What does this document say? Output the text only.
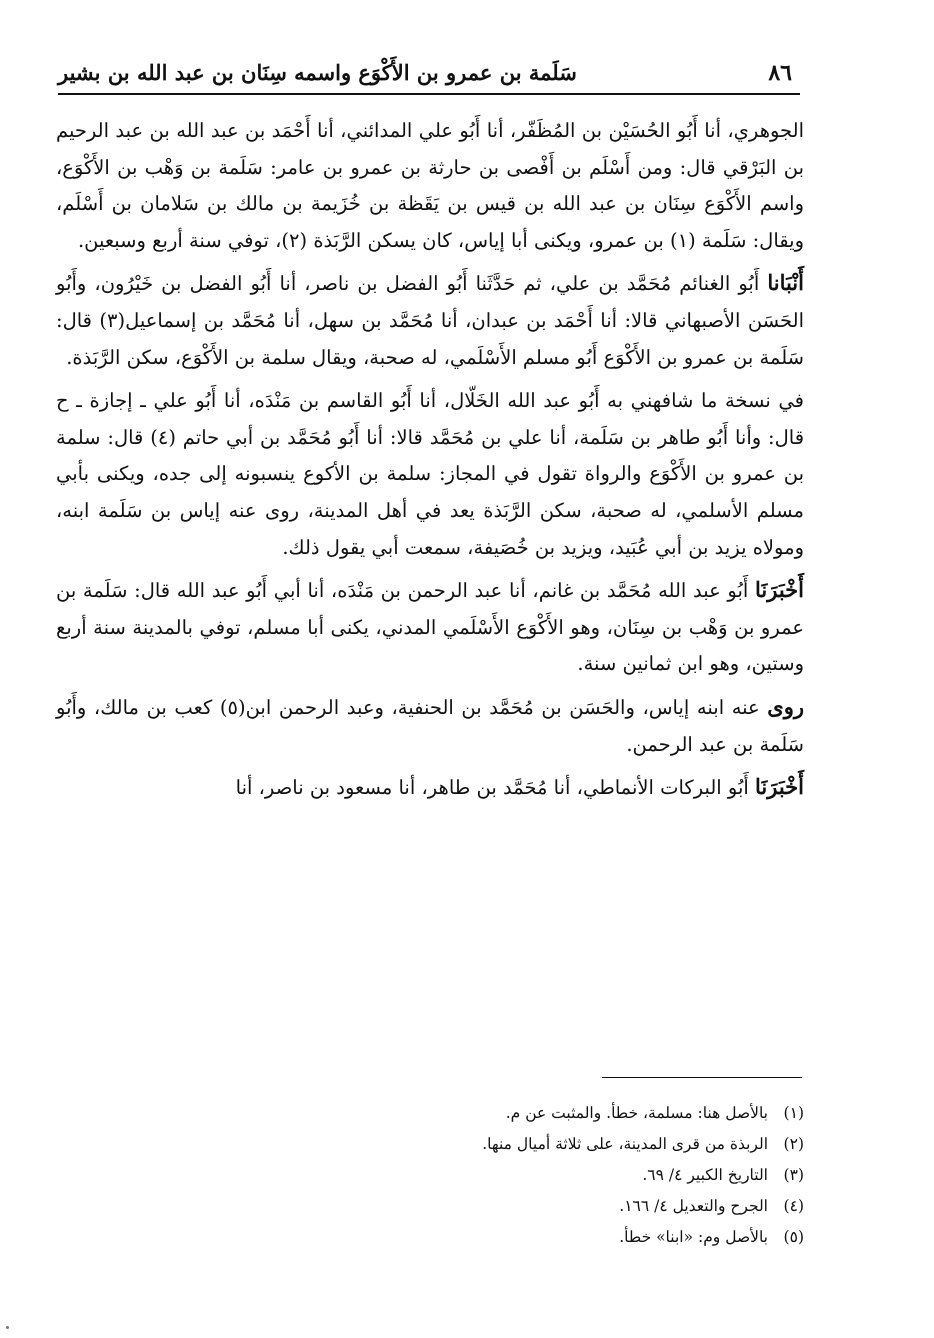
٨٦
سَلَمة بن عمرو بن الأَكْوَع واسمه سِنَان بن عبد الله بن بشير

الجوهري، أنا أَبُو الحُسَيْن بن المُظَفّر، أنا أَبُو علي المدائني، أنا أَحْمَد بن عبد الله بن عبد الرحيم بن البَرْقي قال: ومن أَسْلَم بن أَفْصى بن حارثة بن عمرو بن عامر: سَلَمة بن وَهْب بن الأَكْوَع، واسم الأَكْوَع سِنَان بن عبد الله بن قيس بن يَقَظة بن خُزَيمة بن مالك بن سَلامان بن أَسْلَم، ويقال: سَلَمة (١) بن عمرو، ويكنى أبا إياس، كان يسكن الرَّبَذة (٢)، توفي سنة أربع وسبعين.

أَنْبَانا أَبُو الغنائم مُحَمَّد بن علي، ثم حَدَّثَنا أَبُو الفضل بن ناصر، أنا أَبُو الفضل بن خَيْرُون، وأَبُو الحَسَن الأصبهاني قالا: أنا أَحْمَد بن عبدان، أنا مُحَمَّد بن سهل، أنا مُحَمَّد بن إسماعيل(٣) قال: سَلَمة بن عمرو بن الأَكْوَع أَبُو مسلم الأَسْلَمي، له صحبة، ويقال سلمة بن الأَكْوَع، سكن الرَّبَذة.

في نسخة ما شافهني به أَبُو عبد الله الخَلّال، أنا أَبُو القاسم بن مَنْدَه، أنا أَبُو علي ـ إجازة ـ ح قال: وأنا أَبُو طاهر بن سَلَمة، أنا علي بن مُحَمَّد قالا: أنا أَبُو مُحَمَّد بن أبي حاتم (٤) قال: سلمة بن عمرو بن الأَكْوَع والرواة تقول في المجاز: سلمة بن الأكوع ينسبونه إلى جده، ويكنى بأبي مسلم الأسلمي، له صحبة، سكن الرَّبَذة يعد في أهل المدينة، روى عنه إياس بن سَلَمة ابنه، ومولاه يزيد بن أبي عُبَيد، ويزيد بن خُصَيفة، سمعت أبي يقول ذلك.

أَخْبَرَنَا أَبُو عبد الله مُحَمَّد بن غانم، أنا عبد الرحمن بن مَنْدَه، أنا أبي أَبُو عبد الله قال: سَلَمة بن عمرو بن وَهْب بن سِنَان، وهو الأَكْوَع الأَسْلَمي المدني، يكنى أبا مسلم، توفي بالمدينة سنة أربع وستين، وهو ابن ثمانين سنة.

روى عنه ابنه إياس، والحَسَن بن مُحَمَّد بن الحنفية، وعبد الرحمن ابن(٥) كعب بن مالك، وأَبُو سَلَمة بن عبد الرحمن.

أَخْبَرَنَا أَبُو البركات الأنماطي، أنا مُحَمَّد بن طاهر، أنا مسعود بن ناصر، أنا

(١)بالأصل هنا: مسلمة، خطأ. والمثبت عن م.
(٢)الربذة من قرى المدينة، على ثلاثة أميال منها.
(٣)التاريخ الكبير ٤/ ٦٩.
(٤)الجرح والتعديل ٤/ ١٦٦.
(٥)بالأصل وم: «ابنا» خطأ.
